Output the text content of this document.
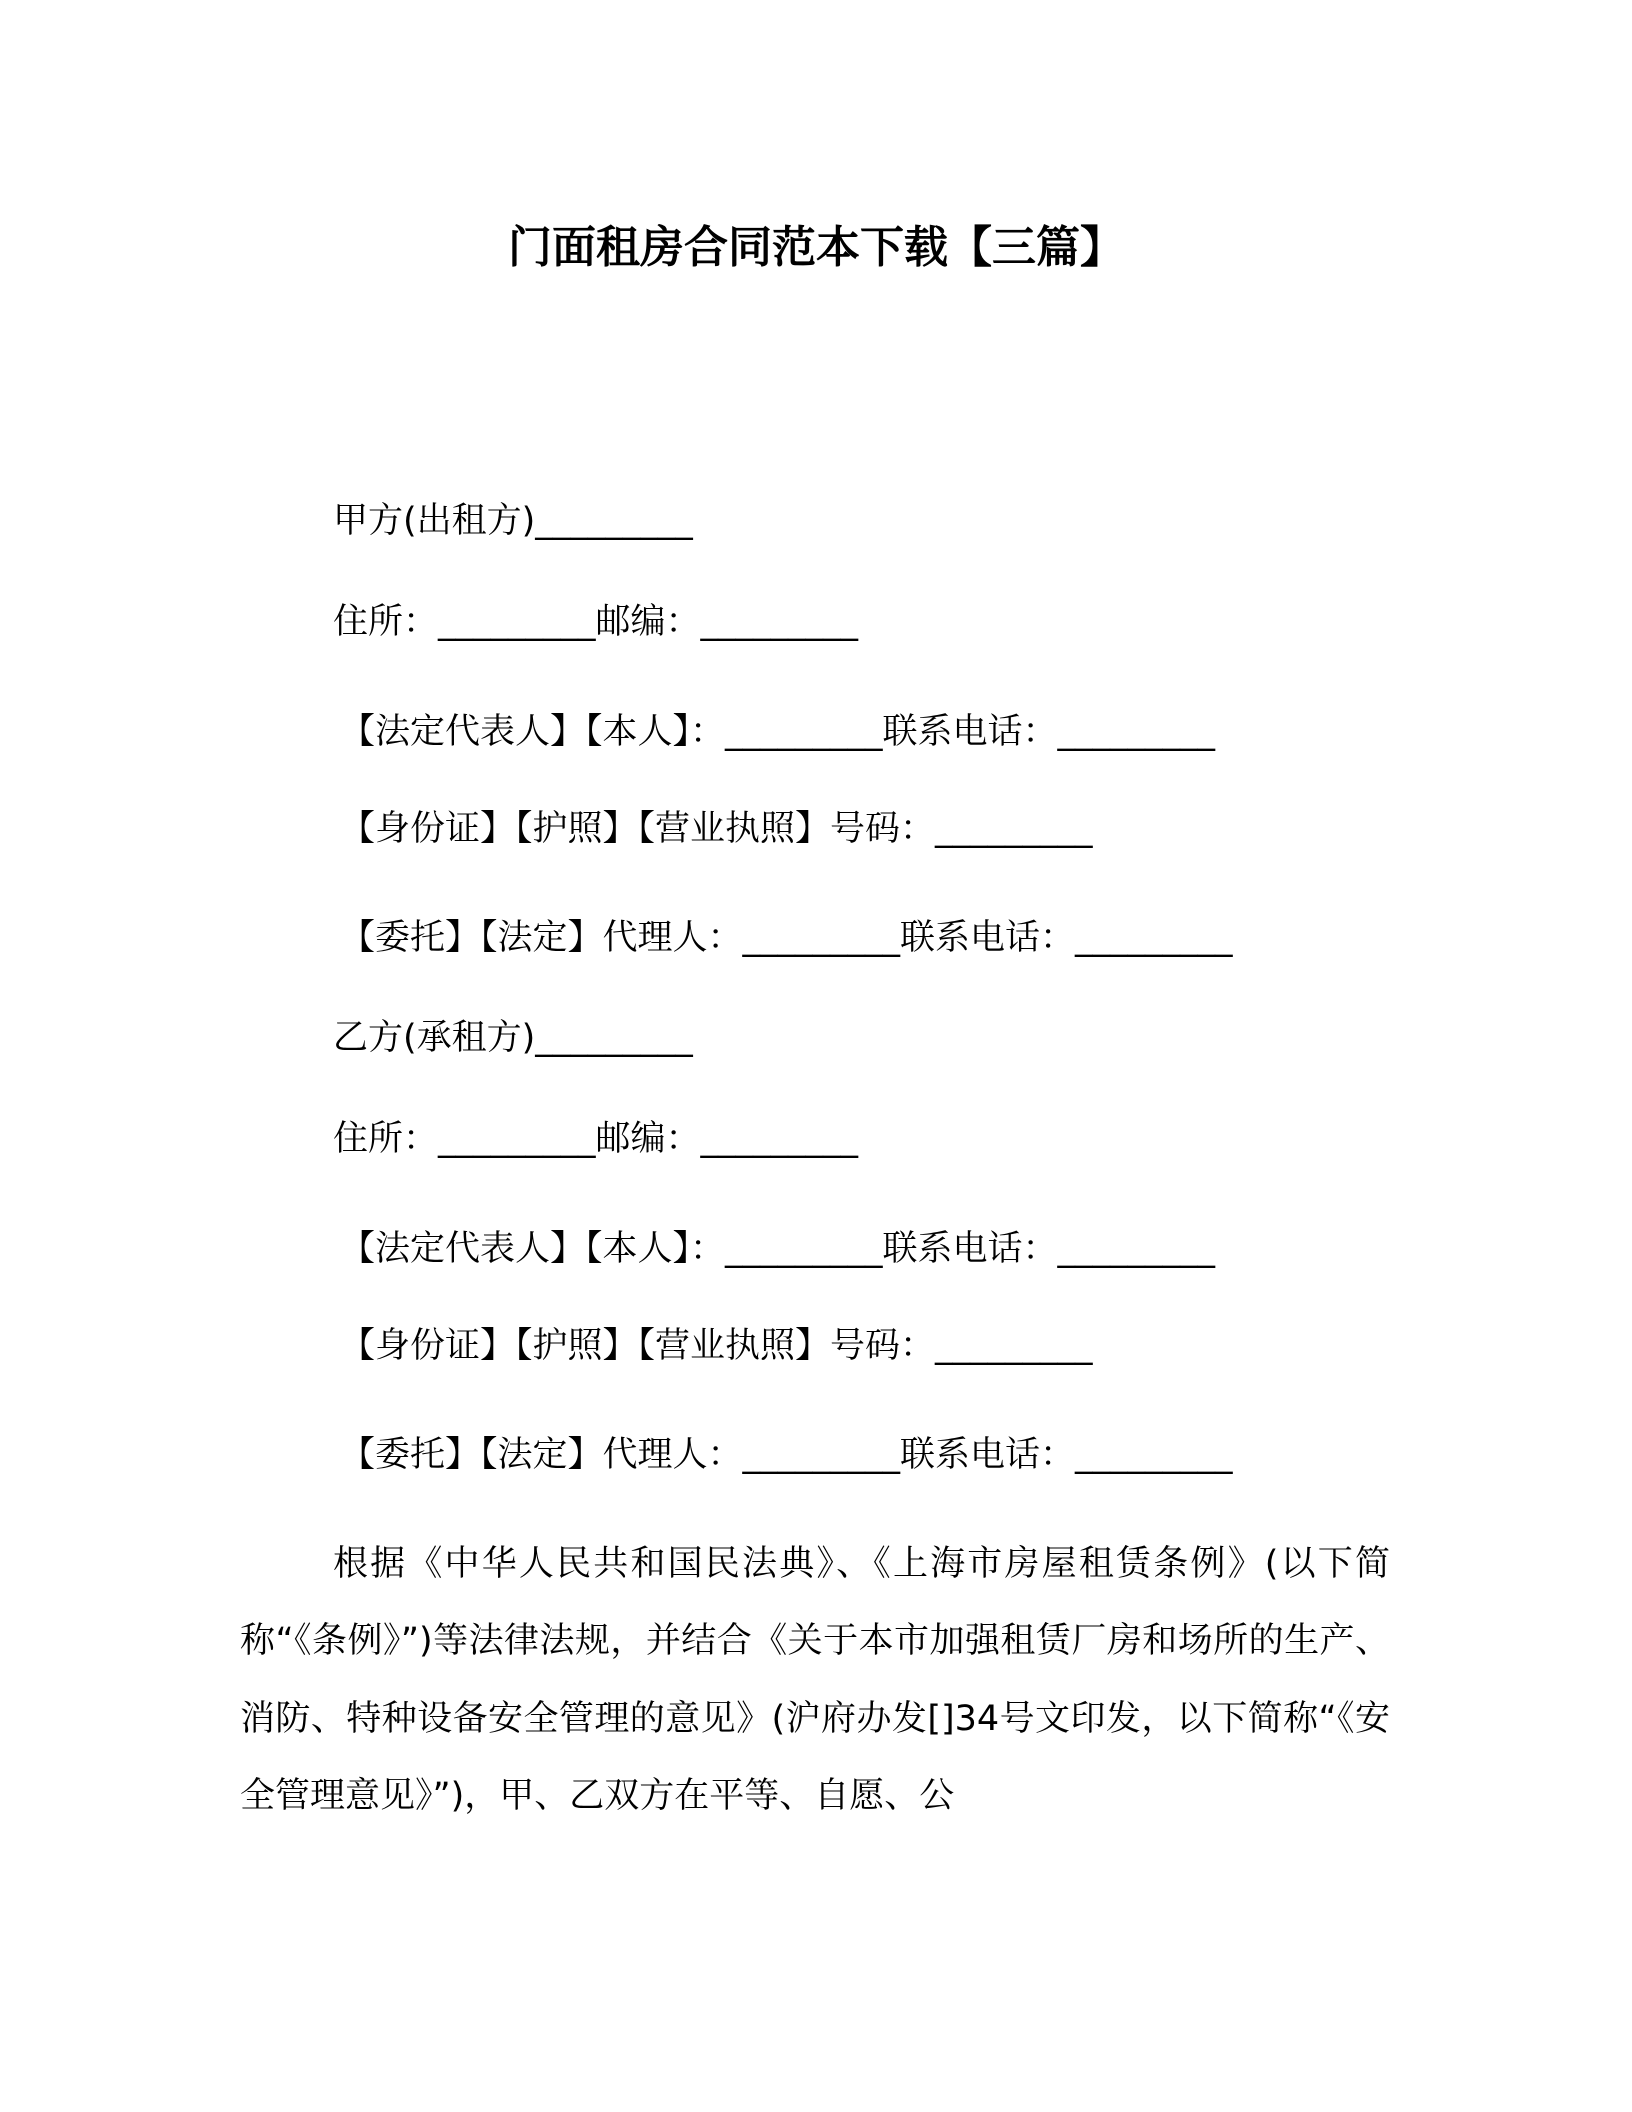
门面租房合同范本下载【三篇】
甲方(出租方)_________
住所：_________邮编：_________
【法定代表人】【本人】：_________联系电话：_________
【身份证】【护照】【营业执照】号码：_________
【委托】【法定】代理人：_________联系电话：_________
乙方(承租方)_________
住所：_________邮编：_________
【法定代表人】【本人】：_________联系电话：_________
【身份证】【护照】【营业执照】号码：_________
【委托】【法定】代理人：_________联系电话：_________
根据《中华人民共和国民法典》、《上海市房屋租赁条例》(以下简称“《条例》”)等法律法规，并结合《关于本市加强租赁厂房和场所的生产、消防、特种设备安全管理的意见》(沪府办发[]34号文印发，以下简称“《安全管理意见》”)，甲、乙双方在平等、自愿、公
